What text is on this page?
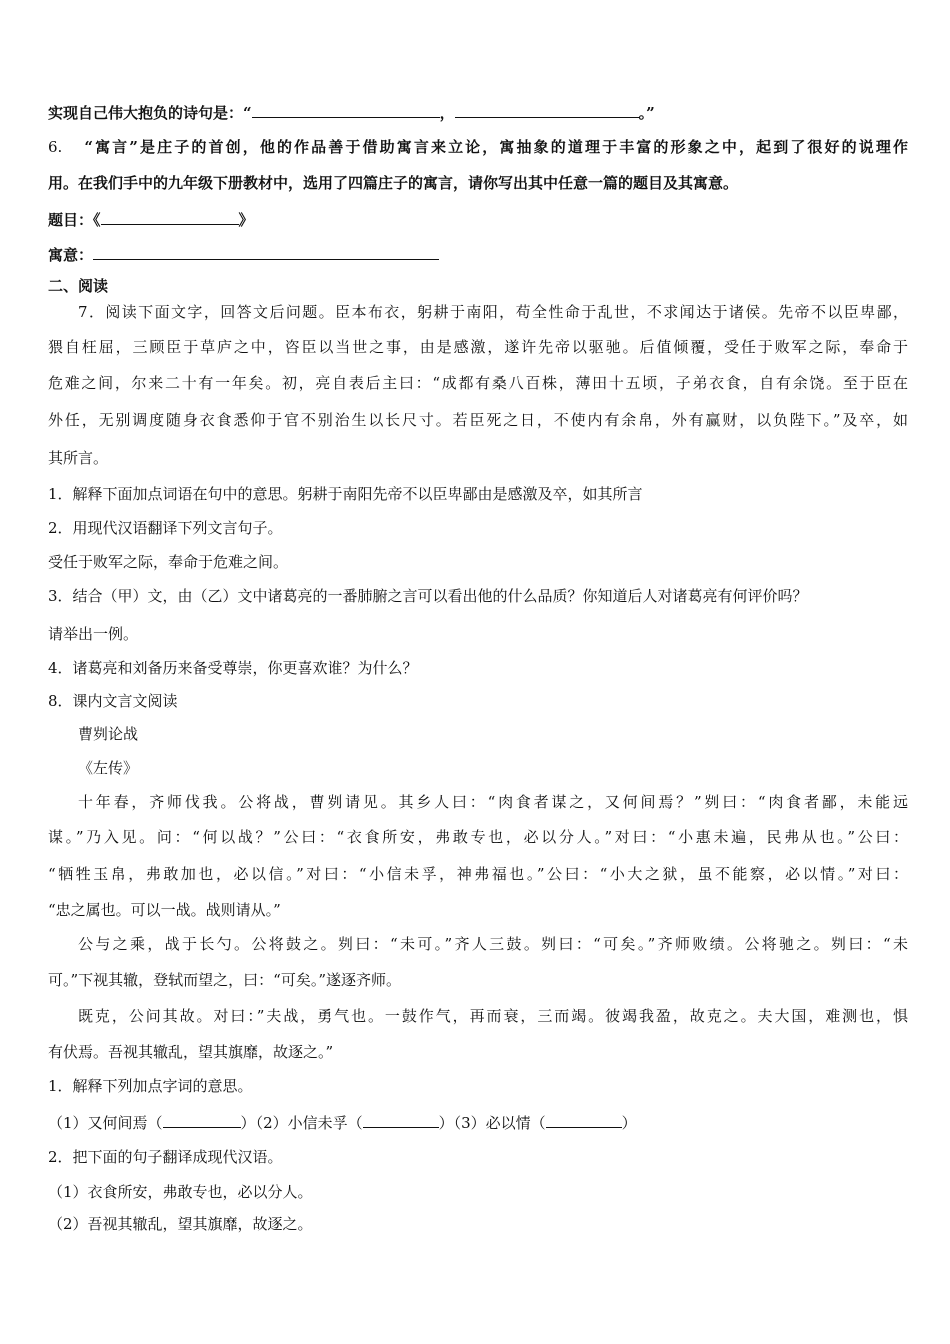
实现自己伟大抱负的诗句是：“	，	。”
6. “寓言”是庄子的首创，他的作品善于借助寓言来立论，寓抽象的道理于丰富的形象之中，起到了很好的说理作
用。在我们手中的九年级下册教材中，选用了四篇庄子的寓言，请你写出其中任意一篇的题目及其寓意。
题目：《	》
寓意：
二、阅读
7．阅读下面文字，回答文后问题。臣本布衣，躬耕于南阳，苟全性命于乱世，不求闻达于诸侯。先帝不以臣卑鄙，
猥自枉屈，三顾臣于草庐之中，咨臣以当世之事，由是感激，遂许先帝以驱驰。后值倾覆，受任于败军之际，奉命于
危难之间，尔来二十有一年矣。初，亮自表后主曰：“成都有桑八百株，薄田十五顷，子弟衣食，自有余饶。至于臣在
外任，无别调度随身衣食悉仰于官不别治生以长尺寸。若臣死之日，不使内有余帛，外有赢财，以负陛下。”及卒，如
其所言。
1．解释下面加点词语在句中的意思。躬耕于南阳先帝不以臣卑鄙由是感激及卒，如其所言
2．用现代汉语翻译下列文言句子。
受任于败军之际，奉命于危难之间。
3．结合（甲）文，由（乙）文中诸葛亮的一番肺腑之言可以看出他的什么品质？你知道后人对诸葛亮有何评价吗？
请举出一例。
4．诸葛亮和刘备历来备受尊崇，你更喜欢谁？为什么？
8．课内文言文阅读
曹刿论战
《左传》
十年春，齐师伐我。公将战，曹刿请见。其乡人曰：“肉食者谋之，又何间焉？”刿曰：“肉食者鄙，未能远
谋。”乃入见。问：“何以战？”公曰：“衣食所安，弗敢专也，必以分人。”对曰：“小惠未遍，民弗从也。”公曰：
“牺牲玉帛，弗敢加也，必以信。”对曰：“小信未孚，神弗福也。”公曰：“小大之狱，虽不能察，必以情。”对曰：
“忠之属也。可以一战。战则请从。”
公与之乘，战于长勺。公将鼓之。刿曰：“未可。”齐人三鼓。刿曰：“可矣。”齐师败绩。公将驰之。刿曰：“未
可。”下视其辙，登轼而望之，曰：“可矣。”遂逐齐师。
既克，公问其故。对曰：”夫战，勇气也。一鼓作气，再而衰，三而竭。彼竭我盈，故克之。夫大国，难测也，惧
有伏焉。吾视其辙乱，望其旗靡，故逐之。”
1．解释下列加点字词的意思。
（1）又何间焉（	）（2）小信未孚（	）（3）必以情（	）
2．把下面的句子翻译成现代汉语。
（1）衣食所安，弗敢专也，必以分人。
（2）吾视其辙乱，望其旗靡，故逐之。
